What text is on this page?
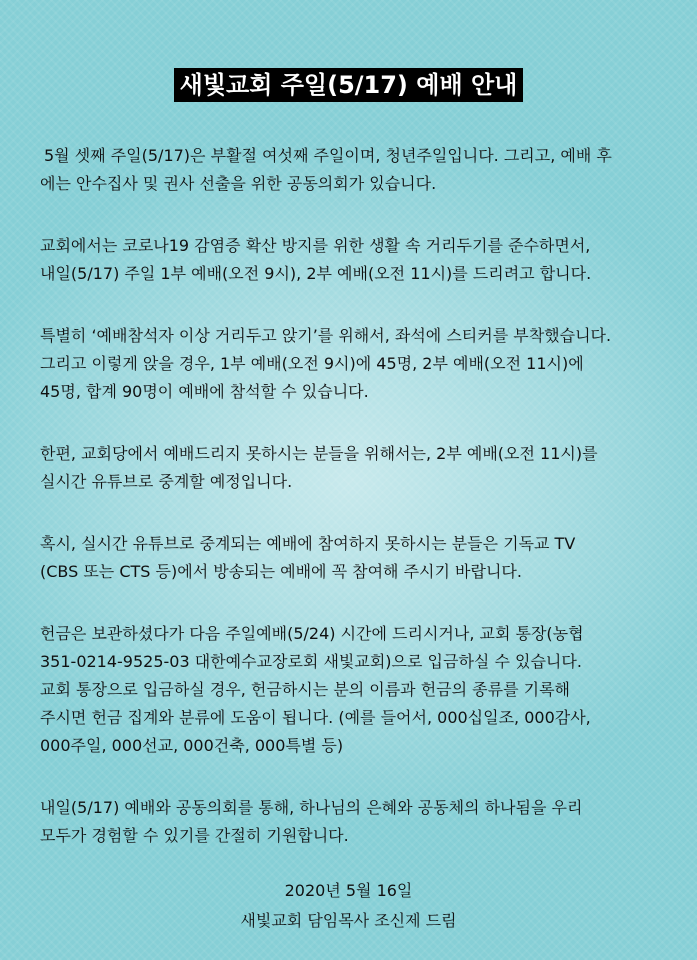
새빛교회 주일(5/17) 예배 안내
5월 셋째 주일(5/17)은 부활절 여섯째 주일이며, 청년주일입니다. 그리고, 예배 후
에는 안수집사 및 권사 선출을 위한 공동의회가 있습니다.
교회에서는 코로나19 감염증 확산 방지를 위한 생활 속 거리두기를 준수하면서,
내일(5/17) 주일 1부 예배(오전 9시), 2부 예배(오전 11시)를 드리려고 합니다.
특별히 ‘예배참석자 이상 거리두고 앉기’를 위해서, 좌석에 스티커를 부착했습니다.
그리고 이렇게 앉을 경우, 1부 예배(오전 9시)에 45명, 2부 예배(오전 11시)에
45명, 합계 90명이 예배에 참석할 수 있습니다.
한편, 교회당에서 예배드리지 못하시는 분들을 위해서는, 2부 예배(오전 11시)를
실시간 유튜브로 중계할 예정입니다.
혹시, 실시간 유튜브로 중계되는 예배에 참여하지 못하시는 분들은 기독교 TV
(CBS 또는 CTS 등)에서 방송되는 예배에 꼭 참여해 주시기 바랍니다.
헌금은 보관하셨다가 다음 주일예배(5/24) 시간에 드리시거나, 교회 통장(농협
351-0214-9525-03 대한예수교장로회 새빛교회)으로 입금하실 수 있습니다.
교회 통장으로 입금하실 경우, 헌금하시는 분의 이름과 헌금의 종류를 기록해
주시면 헌금 집계와 분류에 도움이 됩니다. (예를 들어서, 000십일조, 000감사,
000주일, 000선교, 000건축, 000특별 등)
내일(5/17) 예배와 공동의회를 통해, 하나님의 은혜와 공동체의 하나됨을 우리
모두가 경험할 수 있기를 간절히 기원합니다.
2020년 5월 16일
새빛교회 담임목사 조신제 드림
